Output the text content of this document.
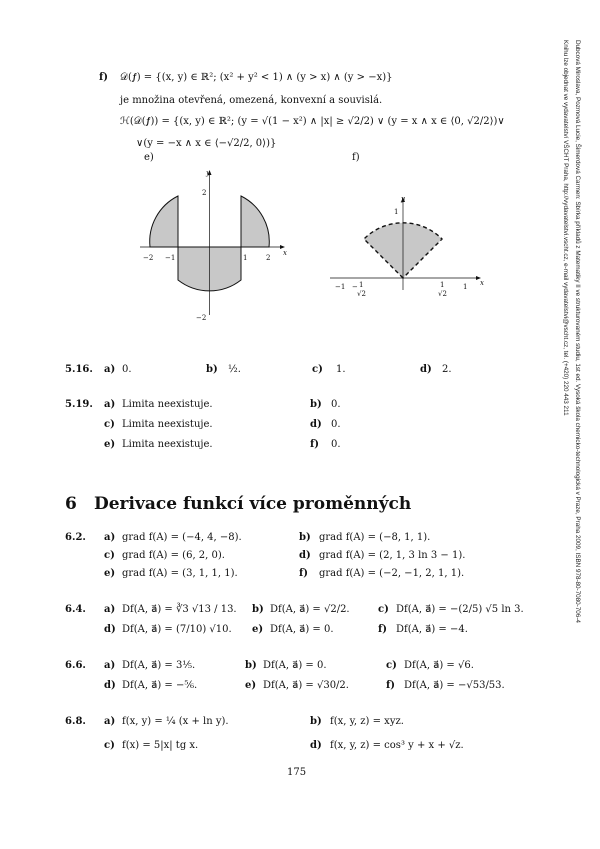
Dubcová Miroslava, Pozmová Lucie, Šimerdová Carmen: Sbírka příkladů z Matematiky II ve strukturovaném studiu, 1st ed. Vysoká škola chemicko-technologická v Praze, Praha 2009, ISBN 978-80-7080-706-4
Knihu lze objednat ve vydavatelství VŠCHT Praha, http://vydavatelstvi.vscht.cz, e-mail vydavatelstvi@vscht.cz, tel. (+420) 220 443 211
f) 𝒟(𝒇) = {(x, y) ∈ ℝ²; (x² + y² < 1) ∧ (y > x) ∧ (y > −x)}
je množina otevřená, omezená, konvexní a souvislá.
ℋ(𝒟(𝒇)) = {(x, y) ∈ ℝ²; (y = √(1 − x²) ∧ |x| ≥ √2/2) ∨ (y = x ∧ x ∈ ⟨0, √2/2⟩)∨
∨(y = −x ∧ x ∈ ⟨−√2/2, 0⟩)}
e)	f)
x
y
−2 −1	1	2
2
−2
x
y
1
−1 − 1
√2
1
√2
1
5.16. a) 0.	b) ½.	c) 1.	d) 2.
5.19. a) Limita neexistuje.	b) 0.
c) Limita neexistuje.	d) 0.
e) Limita neexistuje.	f) 0.
6 Derivace funkcí více proměnných
6.2. a) grad f(A) = (−4, 4, −8).	b) grad f(A) = (−8, 1, 1).
c) grad f(A) = (6, 2, 0).	d) grad f(A) = (2, 1, 3 ln 3 − 1).
e) grad f(A) = (3, 1, 1, 1).	f) grad f(A) = (−2, −1, 2, 1, 1).
6.4. a) Df(A, a⃗) = ∛3 √13 / 13. b) Df(A, a⃗) = √2/2.	c) Df(A, a⃗) = −(2/5) √5 ln 3.
d) Df(A, a⃗) = (7/10) √10. e) Df(A, a⃗) = 0.	f) Df(A, a⃗) = −4.
6.6. a) Df(A, a⃗) = 3⅕.	b) Df(A, a⃗) = 0.	c) Df(A, a⃗) = √6.
d) Df(A, a⃗) = −⅚.	e) Df(A, a⃗) = √30/2.	f) Df(A, a⃗) = −√53/53.
6.8. a) f(x, y) = ¼ (x + ln y).	b) f(x, y, z) = xyz.
c) f(x) = 5|x| tg x.	d) f(x, y, z) = cos³ y + x + √z.
175
